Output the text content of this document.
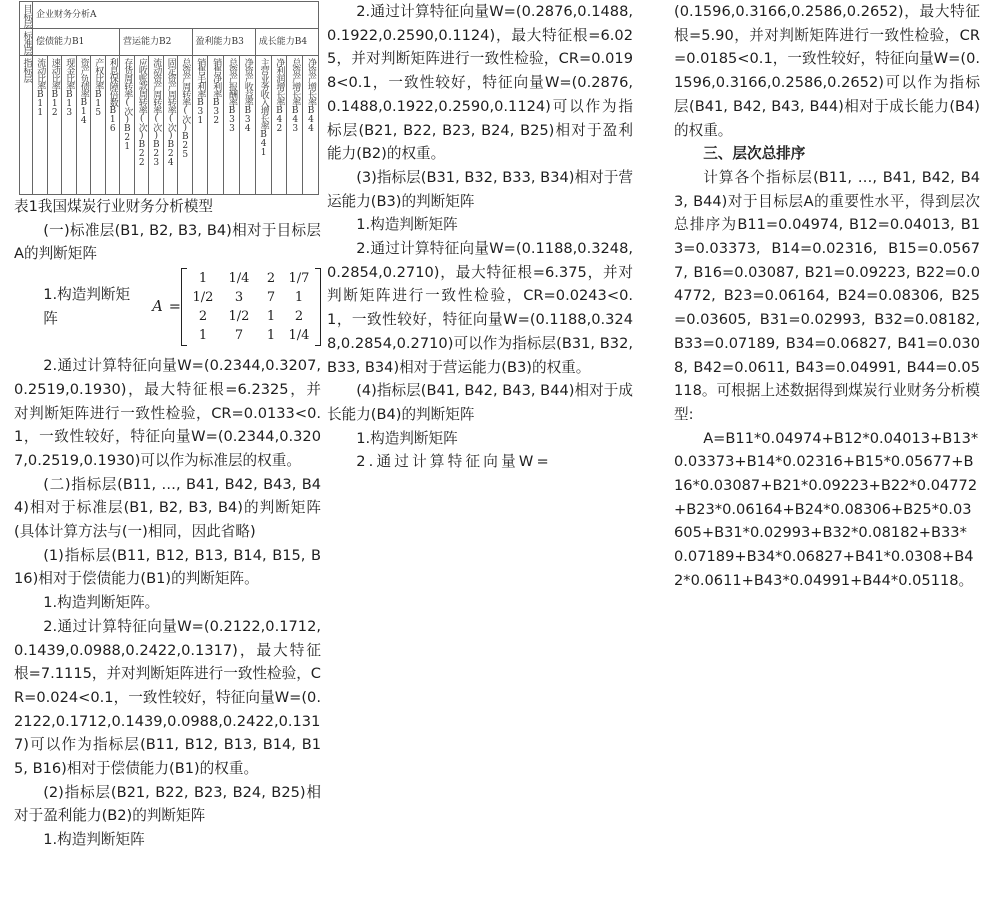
目标层	企业财务分析A																		

标准层	偿债能力B1						营运能力B2					盈利能力B3				成长能力B4			

指标层	流动比率B11	速动比率B12	现金比率B13	资产负债率B14	产权比率B15	利息保障倍数B16	存货周转率(次)B21	应收账款周转率(次)B22	流动资产周转率(次)B23	固定资产周转率(次)B24	总资产周转率(次)B25	销售毛利率B31	销售净利率B32	总资产报酬率B33	净资产收益率B34	主营业务收入增长率B41	净利润增长率B42	总资产增长率B43	净资产增长率B44

表1我国煤炭行业财务分析模型

(一)标准层(B1, B2, B3, B4)相对于目标层A的判断矩阵

1.构造判断矩阵
A =
1	1/4	2	1/7
1/2	3	7	1
2	1/2	1	2
1	7	1	1/4

2.通过计算特征向量W=(0.2344,0.3207,0.2519,0.1930)，最大特征根=6.2325，并对判断矩阵进行一致性检验，CR=0.0133<0.1，一致性较好，特征向量W=(0.2344,0.3207,0.2519,0.1930)可以作为标准层的权重。

(二)指标层(B11, …, B41, B42, B43, B44)相对于标准层(B1, B2, B3, B4)的判断矩阵(具体计算方法与(一)相同，因此省略)

(1)指标层(B11, B12, B13, B14, B15, B16)相对于偿债能力(B1)的判断矩阵。

1.构造判断矩阵。

2.通过计算特征向量W=(0.2122,0.1712,0.1439,0.0988,0.2422,0.1317)，最大特征根=7.1115，并对判断矩阵进行一致性检验，CR=0.024<0.1，一致性较好，特征向量W=(0.2122,0.1712,0.1439,0.0988,0.2422,0.1317)可以作为指标层(B11, B12, B13, B14, B15, B16)相对于偿债能力(B1)的权重。

(2)指标层(B21, B22, B23, B24, B25)相对于盈利能力(B2)的判断矩阵

1.构造判断矩阵

2.通过计算特征向量W=(0.2876,0.1488,0.1922,0.2590,0.1124)，最大特征根=6.025，并对判断矩阵进行一致性检验，CR=0.0198<0.1，一致性较好，特征向量W=(0.2876,0.1488,0.1922,0.2590,0.1124)可以作为指标层(B21, B22, B23, B24, B25)相对于盈利能力(B2)的权重。

(3)指标层(B31, B32, B33, B34)相对于营运能力(B3)的判断矩阵

1.构造判断矩阵

2.通过计算特征向量W=(0.1188,0.3248,0.2854,0.2710)，最大特征根=6.375，并对判断矩阵进行一致性检验，CR=0.0243<0.1，一致性较好，特征向量W=(0.1188,0.3248,0.2854,0.2710)可以作为指标层(B31, B32, B33, B34)相对于营运能力(B3)的权重。

(4)指标层(B41, B42, B43, B44)相对于成长能力(B4)的判断矩阵

1.构造判断矩阵

2.通过计算特征向量W=

(0.1596,0.3166,0.2586,0.2652)，最大特征根=5.90，并对判断矩阵进行一致性检验，CR=0.0185<0.1，一致性较好，特征向量W=(0.1596,0.3166,0.2586,0.2652)可以作为指标层(B41, B42, B43, B44)相对于成长能力(B4)的权重。

三、层次总排序

计算各个指标层(B11, …, B41, B42, B43, B44)对于目标层A的重要性水平，得到层次总排序为B11=0.04974, B12=0.04013, B13=0.03373, B14=0.02316, B15=0.05677, B16=0.03087, B21=0.09223, B22=0.04772, B23=0.06164, B24=0.08306, B25=0.03605, B31=0.02993, B32=0.08182, B33=0.07189, B34=0.06827, B41=0.0308, B42=0.0611, B43=0.04991, B44=0.05118。可根据上述数据得到煤炭行业财务分析模型:

A=B11*0.04974+B12*0.04013+B13*0.03373+B14*0.02316+B15*0.05677+B16*0.03087+B21*0.09223+B22*0.04772+B23*0.06164+B24*0.08306+B25*0.03605+B31*0.02993+B32*0.08182+B33*0.07189+B34*0.06827+B41*0.0308+B42*0.0611+B43*0.04991+B44*0.05118。
